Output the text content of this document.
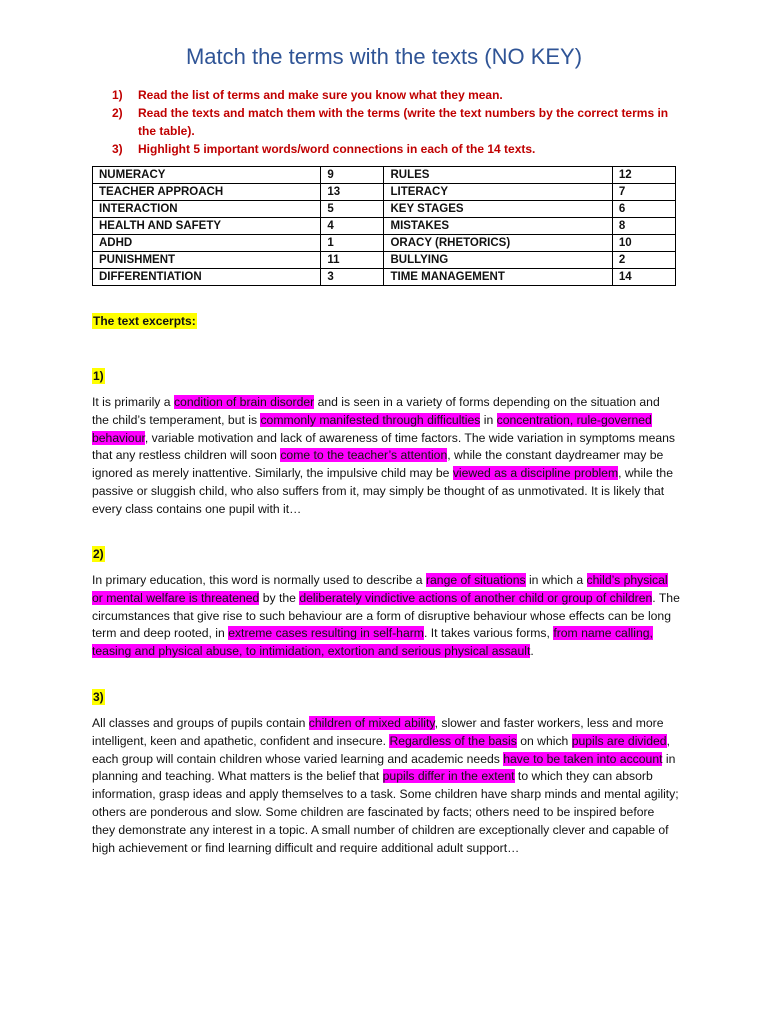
Match the terms with the texts (NO KEY)
1) Read the list of terms and make sure you know what they mean.
2) Read the texts and match them with the terms (write the text numbers by the correct terms in the table).
3) Highlight 5 important words/word connections in each of the 14 texts.
NUMERACY	9	RULES	12
TEACHER APPROACH	13	LITERACY	7
INTERACTION	5	KEY STAGES	6
HEALTH AND SAFETY	4	MISTAKES	8
ADHD	1	ORACY (RHETORICS)	10
PUNISHMENT	11	BULLYING	2
DIFFERENTIATION	3	TIME MANAGEMENT	14
The text excerpts:
1)

It is primarily a condition of brain disorder and is seen in a variety of forms depending on the situation and the child’s temperament, but is commonly manifested through difficulties in concentration, rule-governed behaviour, variable motivation and lack of awareness of time factors. The wide variation in symptoms means that any restless children will soon come to the teacher’s attention, while the constant daydreamer may be ignored as merely inattentive. Similarly, the impulsive child may be viewed as a discipline problem, while the passive or sluggish child, who also suffers from it, may simply be thought of as unmotivated. It is likely that every class contains one pupil with it…

2)

In primary education, this word is normally used to describe a range of situations in which a child’s physical or mental welfare is threatened by the deliberately vindictive actions of another child or group of children. The circumstances that give rise to such behaviour are a form of disruptive behaviour whose effects can be long term and deep rooted, in extreme cases resulting in self-harm. It takes various forms, from name calling, teasing and physical abuse, to intimidation, extortion and serious physical assault.

3)

All classes and groups of pupils contain children of mixed ability, slower and faster workers, less and more intelligent, keen and apathetic, confident and insecure. Regardless of the basis on which pupils are divided, each group will contain children whose varied learning and academic needs have to be taken into account in planning and teaching. What matters is the belief that pupils differ in the extent to which they can absorb information, grasp ideas and apply themselves to a task. Some children have sharp minds and mental agility; others are ponderous and slow. Some children are fascinated by facts; others need to be inspired before they demonstrate any interest in a topic. A small number of children are exceptionally clever and capable of high achievement or find learning difficult and require additional adult support…
